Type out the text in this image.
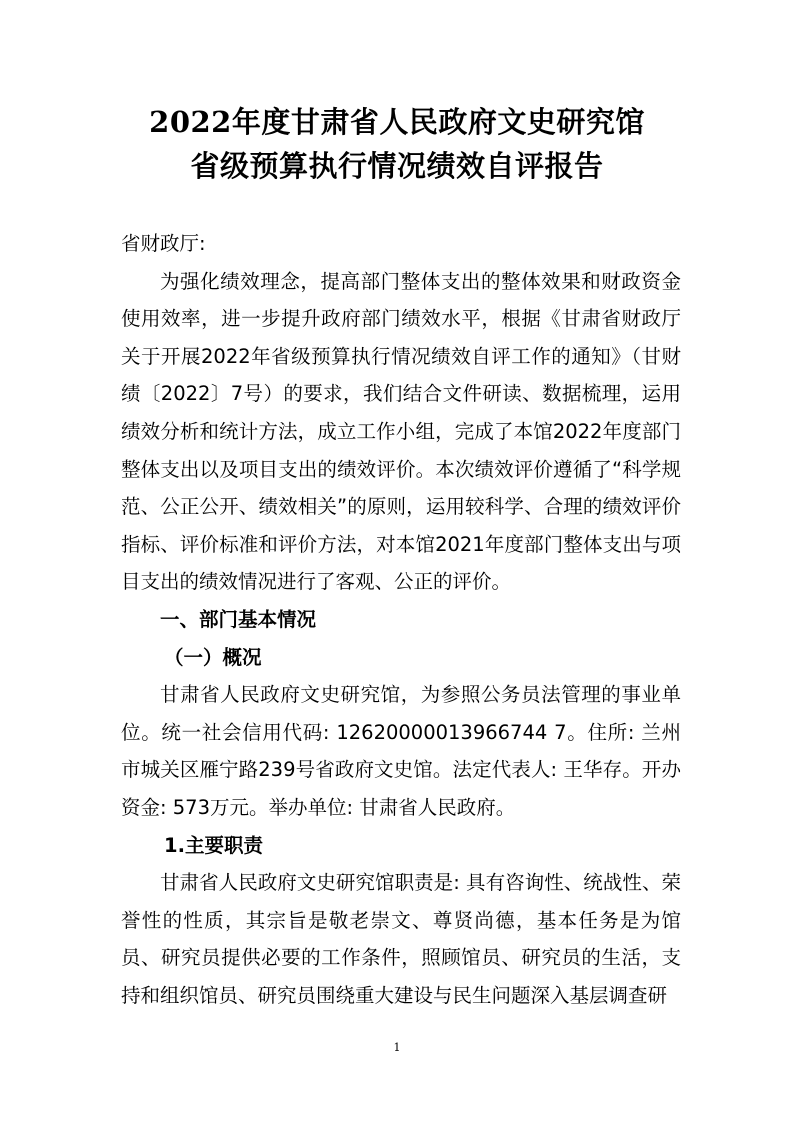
2022年度甘肃省人民政府文史研究馆
省级预算执行情况绩效自评报告

省财政厅:

为强化绩效理念，提高部门整体支出的整体效果和财政资金使用效率，进一步提升政府部门绩效水平，根据《甘肃省财政厅关于开展2022年省级预算执行情况绩效自评工作的通知》（甘财绩〔2022〕7号）的要求，我们结合文件研读、数据梳理，运用绩效分析和统计方法，成立工作小组，完成了本馆2022年度部门整体支出以及项目支出的绩效评价。本次绩效评价遵循了“科学规范、公正公开、绩效相关”的原则，运用较科学、合理的绩效评价指标、评价标准和评价方法，对本馆2021年度部门整体支出与项目支出的绩效情况进行了客观、公正的评价。

一、部门基本情况

（一）概况

甘肃省人民政府文史研究馆，为参照公务员法管理的事业单位。统一社会信用代码: 12620000013966744 7。住所: 兰州市城关区雁宁路239号省政府文史馆。法定代表人: 王华存。开办资金: 573万元。举办单位: 甘肃省人民政府。

1.主要职责

甘肃省人民政府文史研究馆职责是: 具有咨询性、统战性、荣誉性的性质，其宗旨是敬老崇文、尊贤尚德，基本任务是为馆员、研究员提供必要的工作条件，照顾馆员、研究员的生活，支持和组织馆员、研究员围绕重大建设与民生问题深入基层调查研

1
